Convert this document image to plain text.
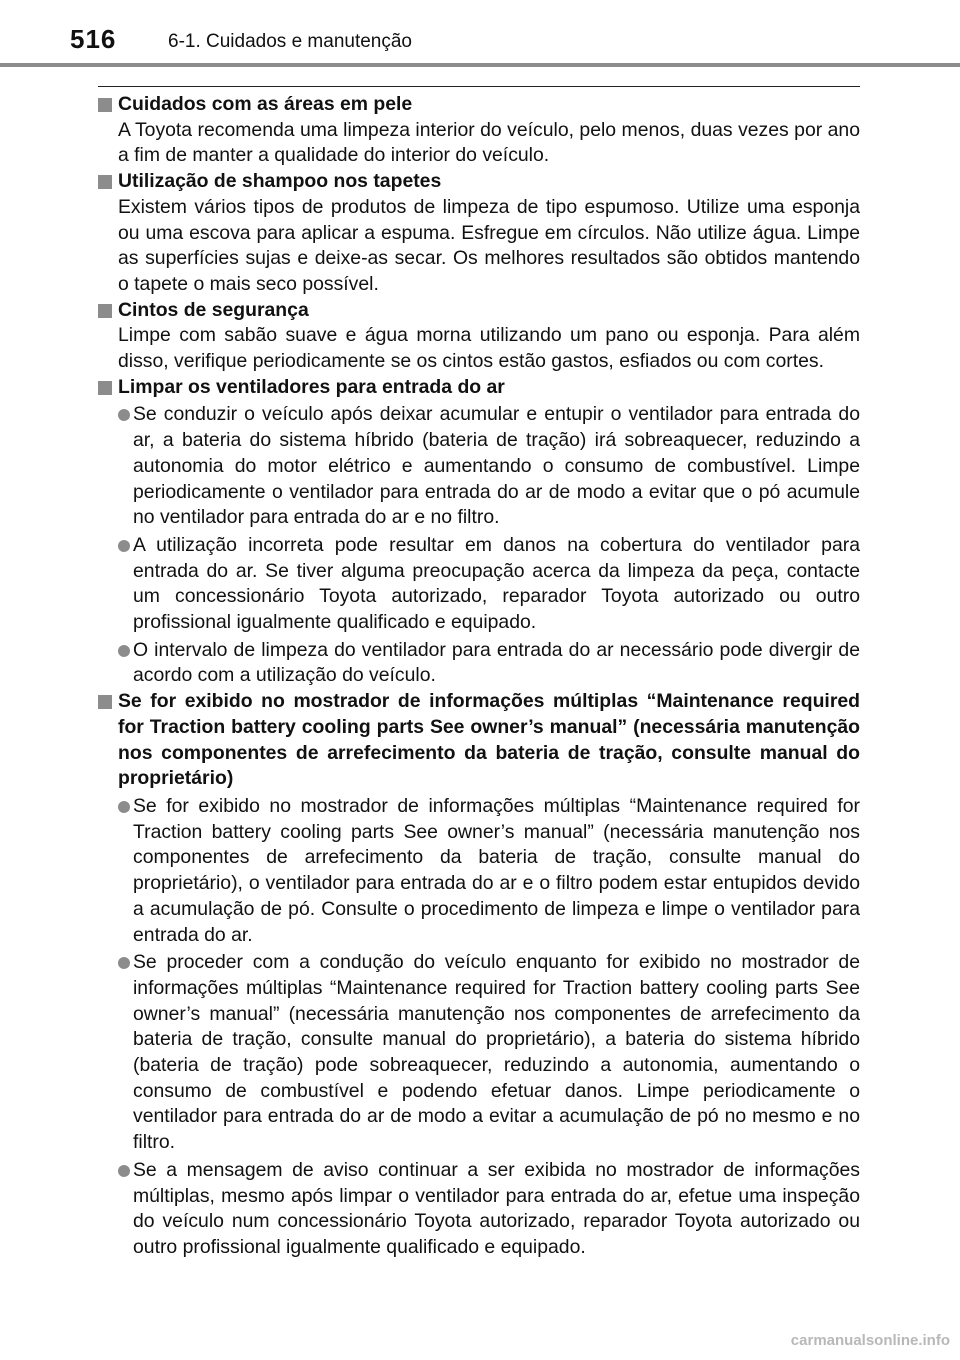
516	6-1. Cuidados e manutenção
Cuidados com as áreas em pele
A Toyota recomenda uma limpeza interior do veículo, pelo menos, duas vezes por ano a fim de manter a qualidade do interior do veículo.
Utilização de shampoo nos tapetes
Existem vários tipos de produtos de limpeza de tipo espumoso. Utilize uma esponja ou uma escova para aplicar a espuma. Esfregue em círculos. Não utilize água. Limpe as superfícies sujas e deixe-as secar. Os melhores resultados são obtidos mantendo o tapete o mais seco possível.
Cintos de segurança
Limpe com sabão suave e água morna utilizando um pano ou esponja. Para além disso, verifique periodicamente se os cintos estão gastos, esfiados ou com cortes.
Limpar os ventiladores para entrada do ar
Se conduzir o veículo após deixar acumular e entupir o ventilador para entrada do ar, a bateria do sistema híbrido (bateria de tração) irá sobreaquecer, reduzindo a autonomia do motor elétrico e aumentando o consumo de combustível. Limpe periodicamente o ventilador para entrada do ar de modo a evitar que o pó acumule no ventilador para entrada do ar e no filtro.
A utilização incorreta pode resultar em danos na cobertura do ventilador para entrada do ar. Se tiver alguma preocupação acerca da limpeza da peça, contacte um concessionário Toyota autorizado, reparador Toyota autorizado ou outro profissional igualmente qualificado e equipado.
O intervalo de limpeza do ventilador para entrada do ar necessário pode divergir de acordo com a utilização do veículo.
Se for exibido no mostrador de informações múltiplas “Maintenance required for Traction battery cooling parts See owner’s manual” (necessária manutenção nos componentes de arrefecimento da bateria de tração, consulte manual do proprietário)
Se for exibido no mostrador de informações múltiplas “Maintenance required for Traction battery cooling parts See owner’s manual” (necessária manutenção nos componentes de arrefecimento da bateria de tração, consulte manual do proprietário), o ventilador para entrada do ar e o filtro podem estar entupidos devido a acumulação de pó. Consulte o procedimento de limpeza e limpe o ventilador para entrada do ar.
Se proceder com a condução do veículo enquanto for exibido no mostrador de informações múltiplas “Maintenance required for Traction battery cooling parts See owner’s manual” (necessária manutenção nos componentes de arrefecimento da bateria de tração, consulte manual do proprietário), a bateria do sistema híbrido (bateria de tração) pode sobreaquecer, reduzindo a autonomia, aumentando o consumo de combustível e podendo efetuar danos. Limpe periodicamente o ventilador para entrada do ar de modo a evitar a acumulação de pó no mesmo e no filtro.
Se a mensagem de aviso continuar a ser exibida no mostrador de informações múltiplas, mesmo após limpar o ventilador para entrada do ar, efetue uma inspeção do veículo num concessionário Toyota autorizado, reparador Toyota autorizado ou outro profissional igualmente qualificado e equipado.
carmanualsonline.info
